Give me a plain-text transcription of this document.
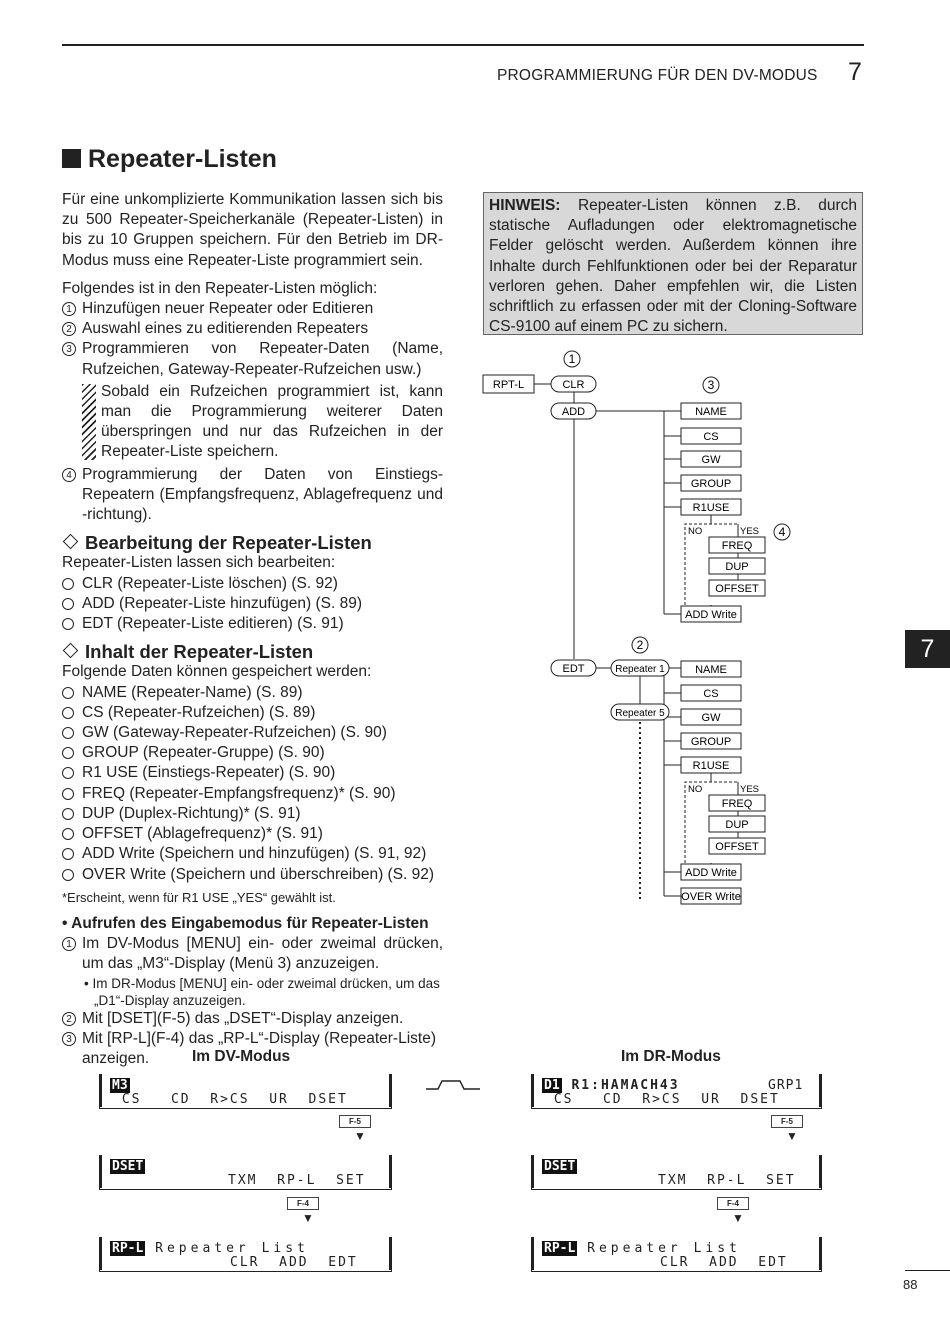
PROGRAMMIERUNG FÜR DEN DV-MODUS 7
Repeater-Listen
Für eine unkomplizierte Kommunikation lassen sich bis zu 500 Repeater-Speicherkanäle (Repeater-Listen) in bis zu 10 Gruppen speichern. Für den Betrieb im DR-Modus muss eine Repeater-Liste programmiert sein.
Folgendes ist in den Repeater-Listen möglich:
1 Hinzufügen neuer Repeater oder Editieren
2 Auswahl eines zu editierenden Repeaters
3 Programmieren von Repeater-Daten (Name, Rufzeichen, Gateway-Repeater-Rufzeichen usw.)
Sobald ein Rufzeichen programmiert ist, kann man die Programmierung weiterer Daten überspringen und nur das Rufzeichen in der Repeater-Liste speichern.
4 Programmierung der Daten von Einstiegs-Repeatern (Empfangsfrequenz, Ablagefrequenz und -richtung).
Bearbeitung der Repeater-Listen
Repeater-Listen lassen sich bearbeiten:
CLR (Repeater-Liste löschen) (S. 92)
ADD (Repeater-Liste hinzufügen) (S. 89)
EDT (Repeater-Liste editieren) (S. 91)
Inhalt der Repeater-Listen
Folgende Daten können gespeichert werden:
NAME (Repeater-Name) (S. 89)
CS (Repeater-Rufzeichen) (S. 89)
GW (Gateway-Repeater-Rufzeichen) (S. 90)
GROUP (Repeater-Gruppe) (S. 90)
R1 USE (Einstiegs-Repeater) (S. 90)
FREQ (Repeater-Empfangsfrequenz)* (S. 90)
DUP (Duplex-Richtung)* (S. 91)
OFFSET (Ablagefrequenz)* (S. 91)
ADD Write (Speichern und hinzufügen) (S. 91, 92)
OVER Write (Speichern und überschreiben) (S. 92)
*Erscheint, wenn für R1 USE „YES“ gewählt ist.
• Aufrufen des Eingabemodus für Repeater-Listen
1 Im DV-Modus [MENU] ein- oder zweimal drücken, um das „M3“-Display (Menü 3) anzuzeigen.
• Im DR-Modus [MENU] ein- oder zweimal drücken, um das „D1“-Display anzuzeigen.
2 Mit [DSET](F-5) das „DSET“-Display anzeigen.
3 Mit [RP-L](F-4) das „RP-L“-Display (Repeater-Liste) anzeigen.
HINWEIS: Repeater-Listen können z.B. durch statische Aufladungen oder elektromagnetische Felder gelöscht werden. Außerdem können ihre Inhalte durch Fehlfunktionen oder bei der Reparatur verloren gehen. Daher empfehlen wir, die Listen schriftlich zu erfassen oder mit der Cloning-Software CS-9100 auf einem PC zu sichern.
RPT-L	CLR
ADD	NAME
CS
GW
GROUP
R1USE
FREQ
DUP
OFFSET
NO	YES
ADD Write
EDT	Repeater 1
Repeater 5
NAME
CS
GW
GROUP
R1USE
FREQ
DUP
OFFSET
NO	YES
ADD Write
OVER Write
1
2
3
4
7
88
Im DV-Modus	Im DR-Modus
M3
CS   CD  R>CS  UR  DSET
F-5
▼
DSET
TXM  RP-L  SET
F-4
▼
RP-L Repeater List
CLR  ADD  EDT
D1 R1:HAMACH43	GRP1
CS   CD  R>CS  UR  DSET
F-5
▼
DSET
TXM  RP-L  SET
F-4
▼
RP-L Repeater List
CLR  ADD  EDT
